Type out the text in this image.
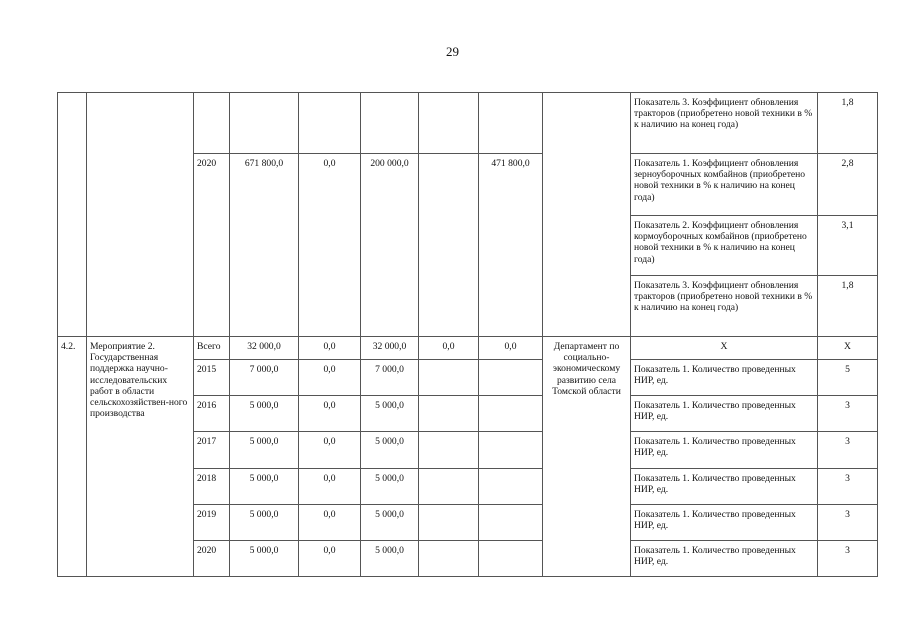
29
									Показатель 3. Коэффициент обновления тракторов (приобретено новой техники в % к наличию на конец года)	1,8
		2020	671 800,0	0,0	200 000,0		471 800,0		Показатель 1. Коэффициент обновления зерноуборочных комбайнов (приобретено новой техники в % к наличию на конец года)	2,8
									Показатель 2. Коэффициент обновления кормоуборочных комбайнов (приобретено новой техники в % к наличию на конец года)	3,1
									Показатель 3. Коэффициент обновления тракторов (приобретено новой техники в % к наличию на конец года)	1,8
4.2.	Мероприятие 2. Государственная поддержка научно-исследовательских работ в области сельскохозяйствен-ного производства	Всего	32 000,0	0,0	32 000,0	0,0	0,0	Департамент по социально-экономическому развитию села Томской области	Х	Х
		2015	7 000,0	0,0	7 000,0				Показатель 1. Количество проведенных НИР, ед.	5
		2016	5 000,0	0,0	5 000,0				Показатель 1. Количество проведенных НИР, ед.	3
		2017	5 000,0	0,0	5 000,0				Показатель 1. Количество проведенных НИР, ед.	3
		2018	5 000,0	0,0	5 000,0				Показатель 1. Количество проведенных НИР, ед.	3
		2019	5 000,0	0,0	5 000,0				Показатель 1. Количество проведенных НИР, ед.	3
		2020	5 000,0	0,0	5 000,0				Показатель 1. Количество проведенных НИР, ед.	3
